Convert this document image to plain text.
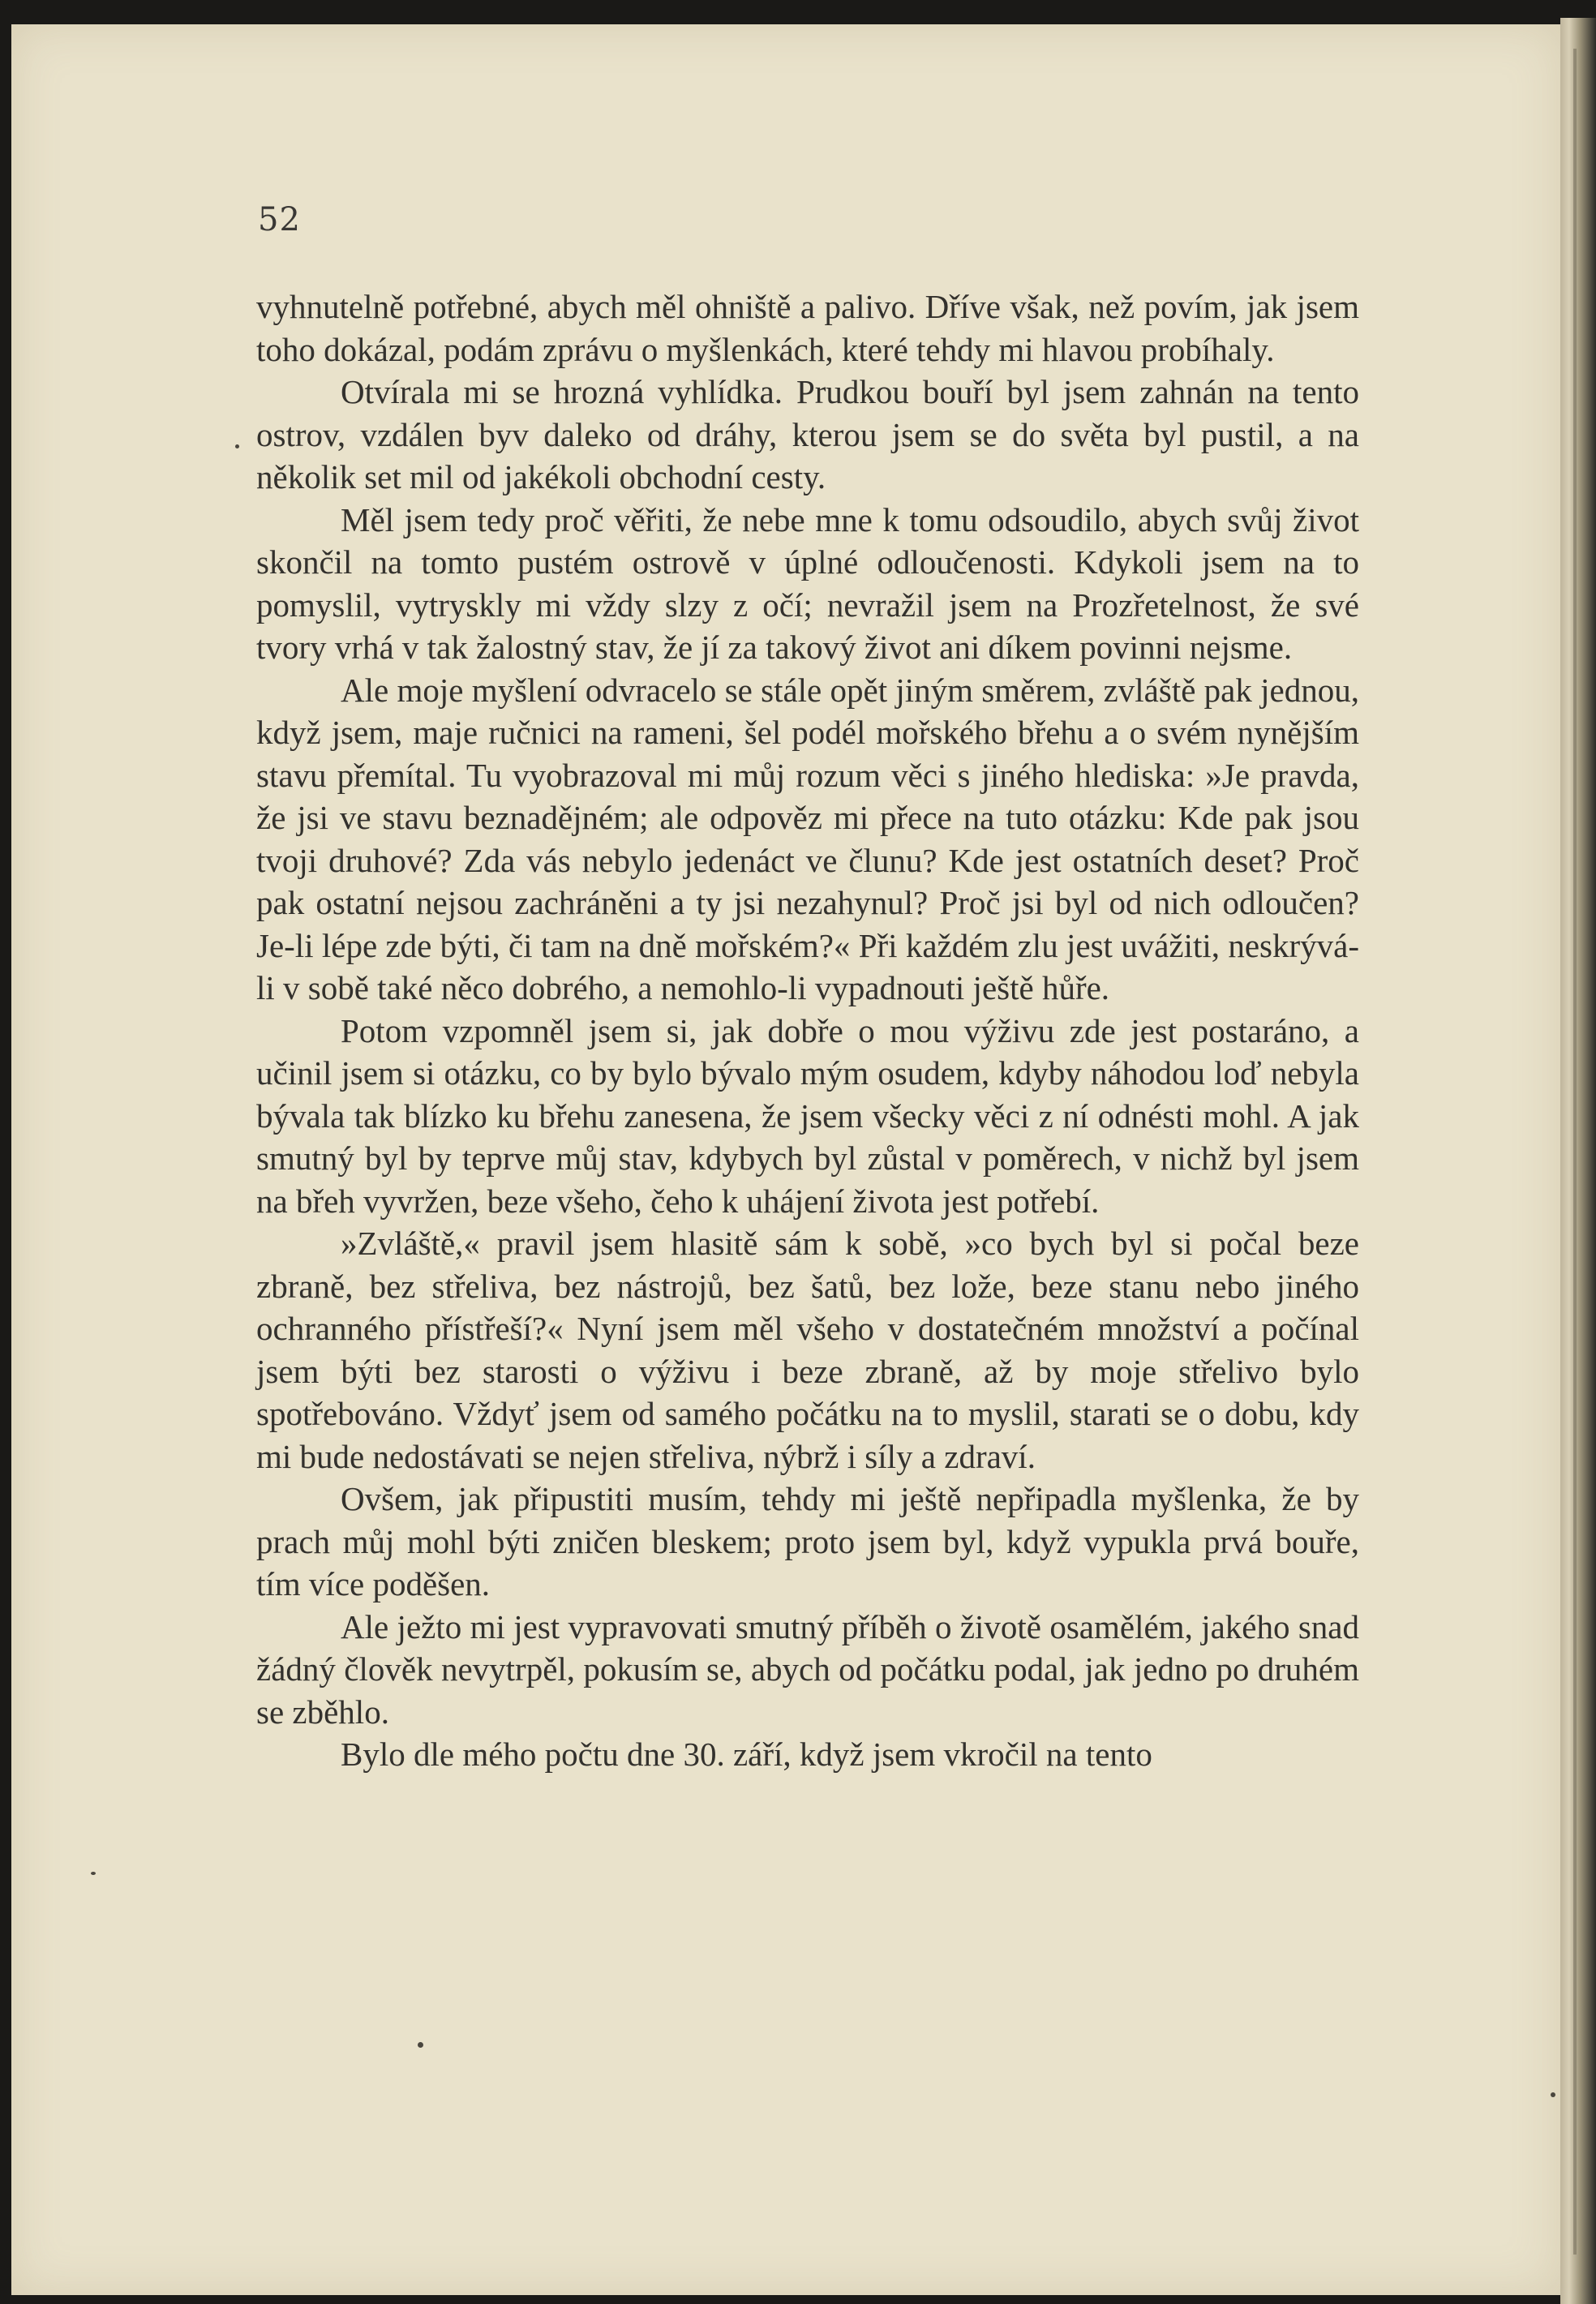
52

vyhnutelně potřebné, abych měl ohniště a palivo. Dříve však, než povím, jak jsem toho dokázal, podám zprávu o myšlenkách, které tehdy mi hlavou probíhaly.

Otvírala mi se hrozná vyhlídka. Prudkou bouří byl jsem zahnán na tento ostrov, vzdálen byv daleko od dráhy, kterou jsem se do světa byl pustil, a na několik set mil od jakékoli obchodní cesty.

Měl jsem tedy proč věřiti, že nebe mne k tomu odsoudilo, abych svůj život skončil na tomto pustém ostrově v úplné odloučenosti. Kdykoli jsem na to pomyslil, vytryskly mi vždy slzy z očí; nevražil jsem na Prozřetelnost, že své tvory vrhá v tak žalostný stav, že jí za takový život ani díkem povinni nejsme.

Ale moje myšlení odvracelo se stále opět jiným směrem, zvláště pak jednou, když jsem, maje ručnici na rameni, šel podél mořského břehu a o svém nynějším stavu přemítal. Tu vyobrazoval mi můj rozum věci s jiného hlediska: »Je pravda, že jsi ve stavu beznadějném; ale odpověz mi přece na tuto otázku: Kde pak jsou tvoji druhové? Zda vás nebylo jedenáct ve člunu? Kde jest ostatních deset? Proč pak ostatní nejsou zachráněni a ty jsi nezahynul? Proč jsi byl od nich odloučen? Je-li lépe zde býti, či tam na dně mořském?« Při každém zlu jest uvážiti, neskrývá-li v sobě také něco dobrého, a nemohlo-li vypadnouti ještě hůře.

Potom vzpomněl jsem si, jak dobře o mou výživu zde jest postaráno, a učinil jsem si otázku, co by bylo bývalo mým osudem, kdyby náhodou loď nebyla bývala tak blízko ku břehu zanesena, že jsem všecky věci z ní odnésti mohl. A jak smutný byl by teprve můj stav, kdybych byl zůstal v poměrech, v nichž byl jsem na břeh vyvržen, beze všeho, čeho k uhájení života jest potřebí.

»Zvláště,« pravil jsem hlasitě sám k sobě, »co bych byl si počal beze zbraně, bez střeliva, bez nástrojů, bez šatů, bez lože, beze stanu nebo jiného ochranného přístřeší?« Nyní jsem měl všeho v dostatečném množství a počínal jsem býti bez starosti o výživu i beze zbraně, až by moje střelivo bylo spotřebováno. Vždyť jsem od samého počátku na to myslil, starati se o dobu, kdy mi bude nedostávati se nejen střeliva, nýbrž i síly a zdraví.

Ovšem, jak připustiti musím, tehdy mi ještě nepřipadla myšlenka, že by prach můj mohl býti zničen bleskem; proto jsem byl, když vypukla prvá bouře, tím více poděšen.

Ale ježto mi jest vypravovati smutný příběh o životě osamělém, jakého snad žádný člověk nevytrpěl, pokusím se, abych od počátku podal, jak jedno po druhém se zběhlo.

Bylo dle mého počtu dne 30. září, když jsem vkročil na tento
